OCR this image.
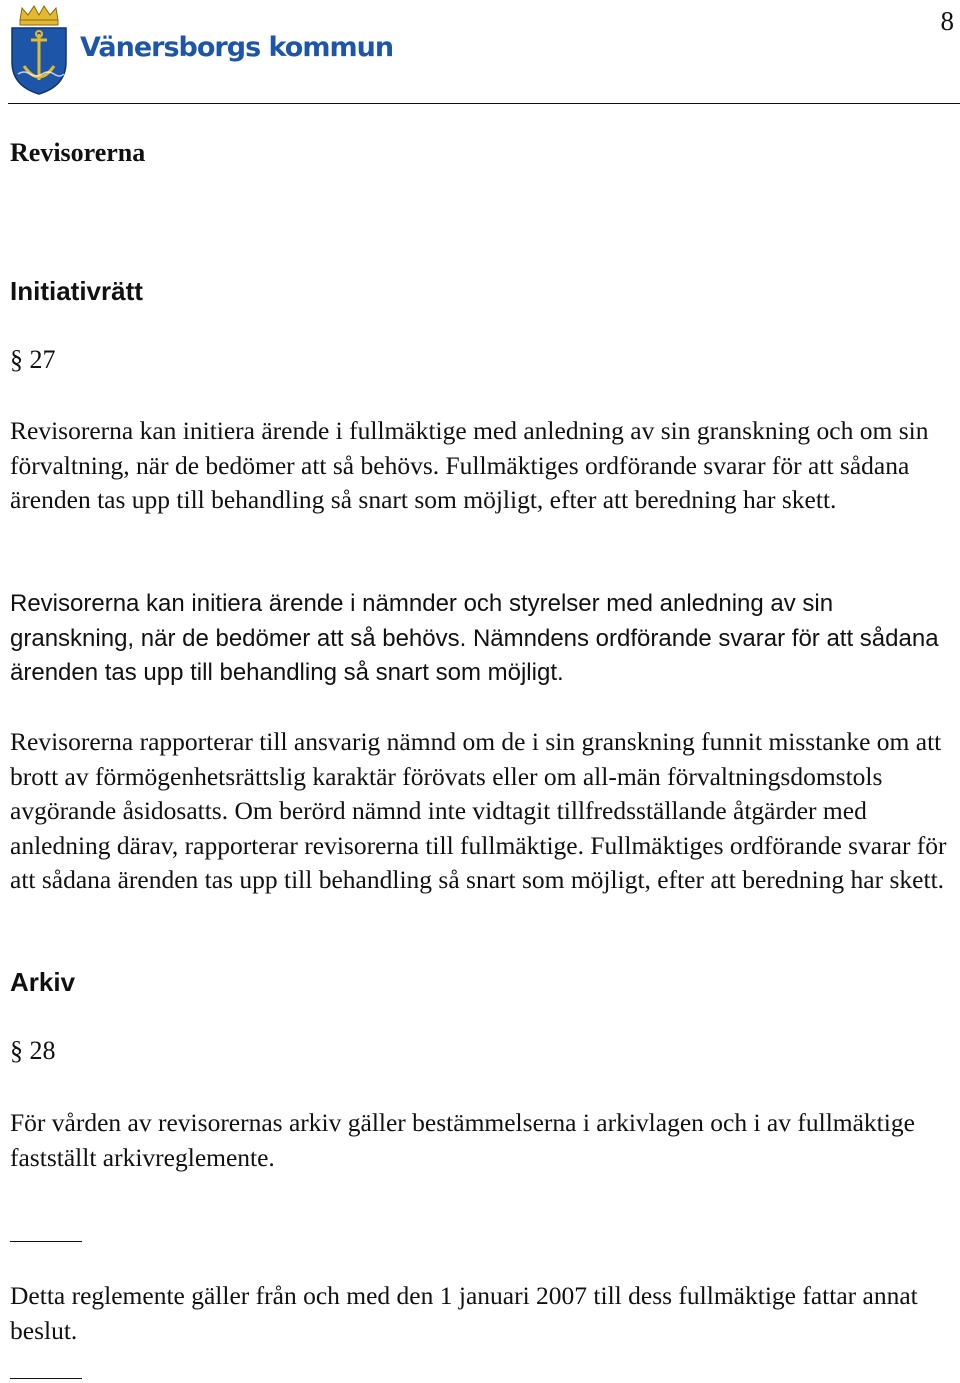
Vänersborgs kommun
8
Revisorerna
Initiativrätt
§ 27

Revisorerna kan initiera ärende i fullmäktige med anledning av sin granskning och om sin förvaltning, när de bedömer att så behövs. Fullmäktiges ordförande svarar för att sådana ärenden tas upp till behandling så snart som möjligt, efter att beredning har skett.

Revisorerna kan initiera ärende i nämnder och styrelser med anledning av sin granskning, när de bedömer att så behövs. Nämndens ordförande svarar för att sådana ärenden tas upp till behandling så snart som möjligt.

Revisorerna rapporterar till ansvarig nämnd om de i sin granskning funnit misstanke om att brott av förmögenhetsrättslig karaktär förövats eller om all-män förvaltningsdomstols avgörande åsidosatts. Om berörd nämnd inte vidtagit tillfredsställande åtgärder med anledning därav, rapporterar revisorerna till fullmäktige. Fullmäktiges ordförande svarar för att sådana ärenden tas upp till behandling så snart som möjligt, efter att beredning har skett.

Arkiv
§ 28

För vården av revisorernas arkiv gäller bestämmelserna i arkivlagen och i av fullmäktige fastställt arkivreglemente.

Detta reglemente gäller från och med den 1 januari 2007 till dess fullmäktige fattar annat beslut.
